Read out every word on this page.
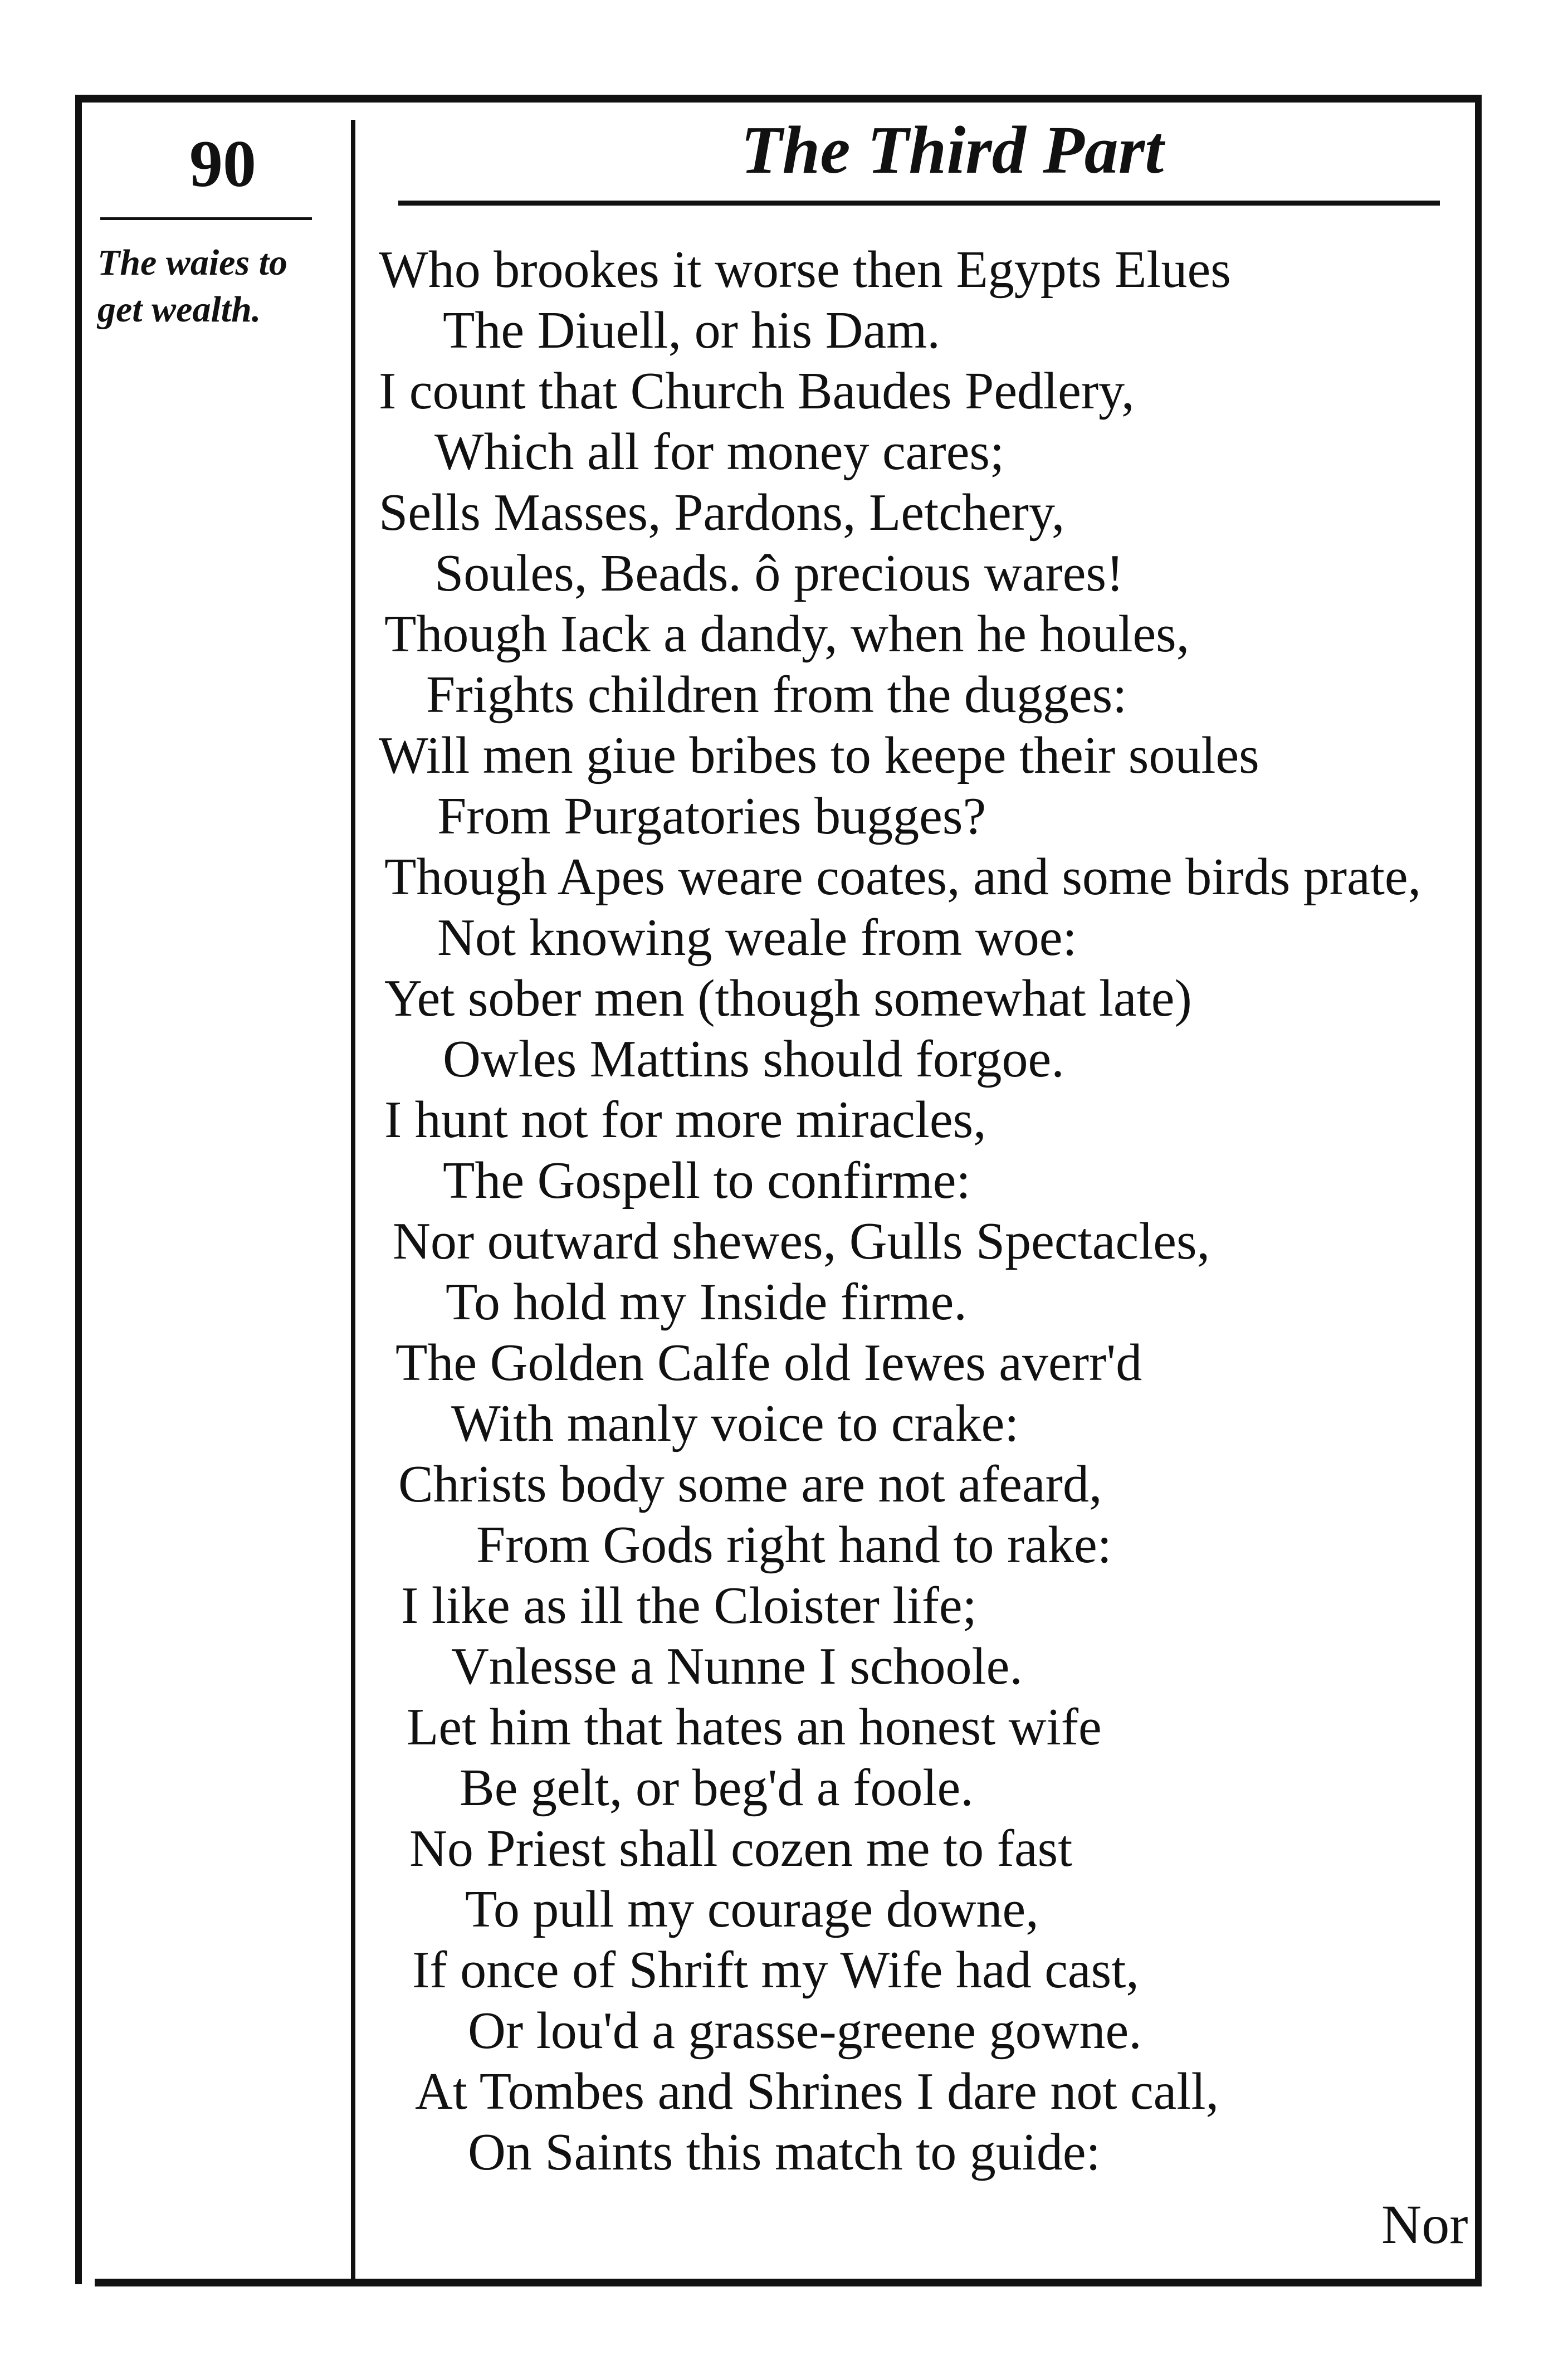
90	The Third Part
The waies to
get wealth.
Who brookes it worse then Egypts Elues
The Diuell, or his Dam.
I count that Church Baudes Pedlery,
Which all for money cares;
Sells Masses, Pardons, Letchery,
Soules, Beads. ô precious wares!
Though Iack a dandy, when he houles,
Frights children from the dugges:
Will men giue bribes to keepe their soules
From Purgatories bugges?
Though Apes weare coates, and some birds prate,
Not knowing weale from woe:
Yet sober men (though somewhat late)
Owles Mattins should forgoe.
I hunt not for more miracles,
The Gospell to confirme:
Nor outward shewes, Gulls Spectacles,
To hold my Inside firme.
The Golden Calfe old Iewes averr'd
With manly voice to crake:
Christs body some are not afeard,
From Gods right hand to rake:
I like as ill the Cloister life;
Vnlesse a Nunne I schoole.
Let him that hates an honest wife
Be gelt, or beg'd a foole.
No Priest shall cozen me to fast
To pull my courage downe,
If once of Shrift my Wife had cast,
Or lou'd a grasse-greene gowne.
At Tombes and Shrines I dare not call,
On Saints this match to guide:
Nor
